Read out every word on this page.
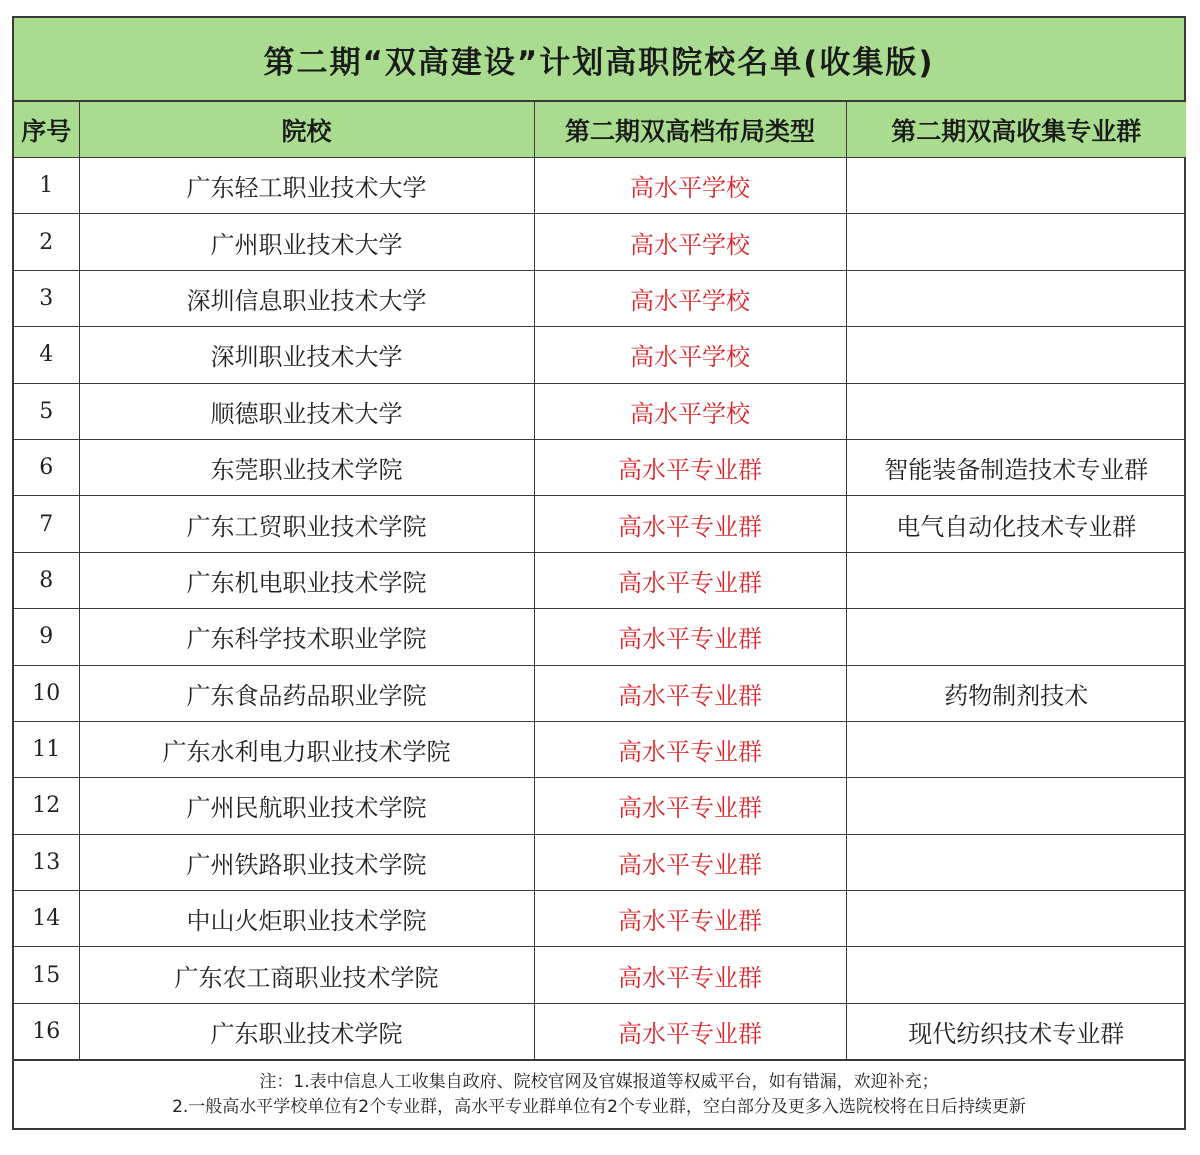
第二期“双高建设”计划高职院校名单(收集版)
序号	院校	第二期双高档布局类型	第二期双高收集专业群
1	广东轻工职业技术大学	高水平学校	
2	广州职业技术大学	高水平学校	
3	深圳信息职业技术大学	高水平学校	
4	深圳职业技术大学	高水平学校	
5	顺德职业技术大学	高水平学校	
6	东莞职业技术学院	高水平专业群	智能装备制造技术专业群
7	广东工贸职业技术学院	高水平专业群	电气自动化技术专业群
8	广东机电职业技术学院	高水平专业群	
9	广东科学技术职业学院	高水平专业群	
10	广东食品药品职业学院	高水平专业群	药物制剂技术
11	广东水利电力职业技术学院	高水平专业群	
12	广州民航职业技术学院	高水平专业群	
13	广州铁路职业技术学院	高水平专业群	
14	中山火炬职业技术学院	高水平专业群	
15	广东农工商职业技术学院	高水平专业群	
16	广东职业技术学院	高水平专业群	现代纺织技术专业群
注：1.表中信息人工收集自政府、院校官网及官媒报道等权威平台，如有错漏，欢迎补充；
2.一般高水平学校单位有2个专业群，高水平专业群单位有2个专业群，空白部分及更多入选院校将在日后持续更新
